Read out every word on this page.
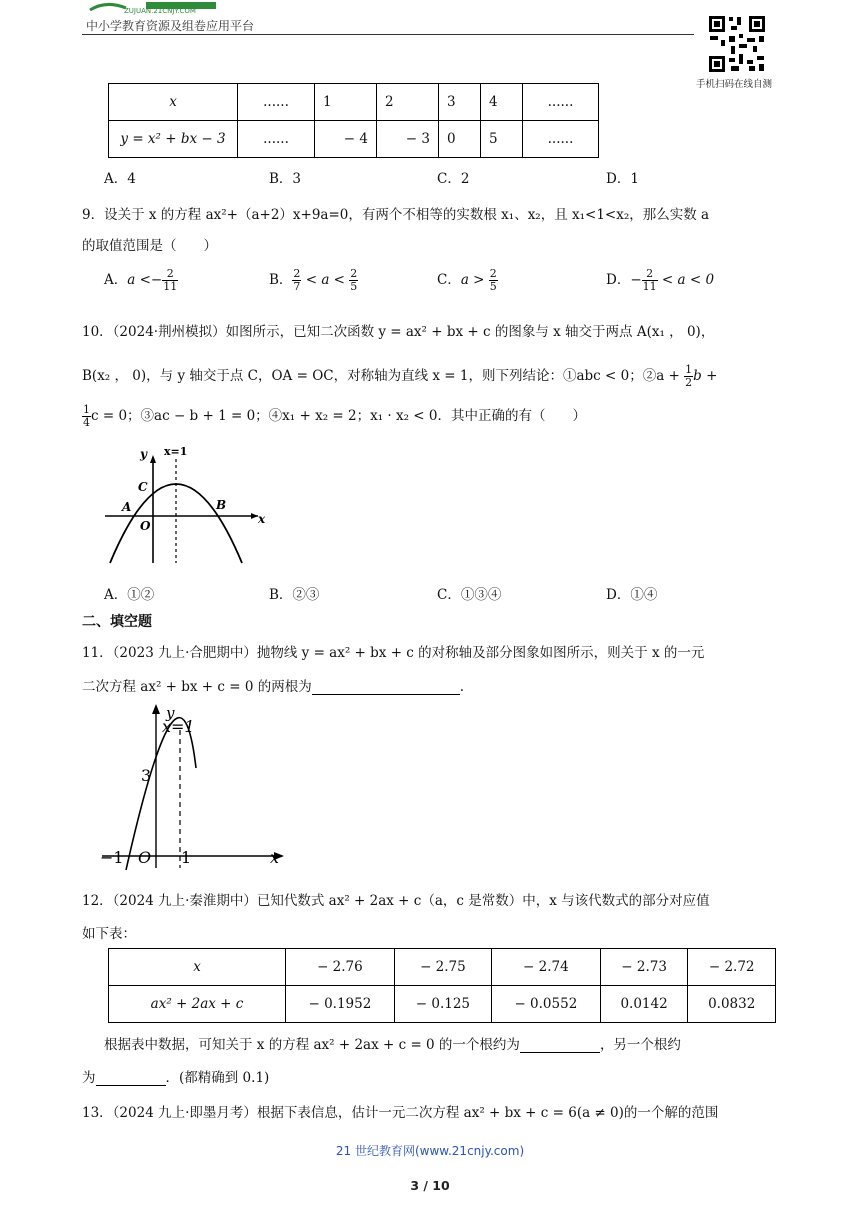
ZUJUAN.21CNJY.COM
中小学教育资源及组卷应用平台
手机扫码在线自测
x	......	1	2	3	4	......
y = x² + bx − 3	......	− 4	− 3	0	5	......
A．4	B．3	C．2	D．1
9．设关于 x 的方程 ax²+（a+2）x+9a=0，有两个不相等的实数根 x₁、x₂，且 x₁<1<x₂，那么实数 a
的取值范围是（　　）
A．$a <- \frac{2}{11}$	B． $\frac{2}{7} < a < \frac{2}{5}$	C．$a > \frac{2}{5}$	D．− $\frac{2}{11} < a < 0$
10．（2024·荆州模拟）如图所示，已知二次函数 y = ax² + bx + c 的图象与 x 轴交于两点 A(x₁ ， 0)，
B(x₂ ， 0)，与 y 轴交于点 C，OA = OC，对称轴为直线 x = 1，则下列结论：①abc < 0；②a + $\frac{1}{2}$ b +
$\frac{1}{4}$ c = 0；③ac − b + 1 = 0；④x₁ + x₂ = 2；x₁ · x₂ < 0．其中正确的有（　　）
y x=1
C
A	B
O	x
A．①②	B．②③	C．①③④	D．①④
二、填空题
11．（2023 九上·合肥期中）抛物线 y = ax² + bx + c 的对称轴及部分图象如图所示，则关于 x 的一元
二次方程 ax² + bx + c = 0 的两根为	.
y
x=1
3
−1 O 1	x
12．（2024 九上·秦淮期中）已知代数式 ax² + 2ax + c（a，c 是常数）中，x 与该代数式的部分对应值
如下表：
x	− 2.76	− 2.75	− 2.74	− 2.73	− 2.72
ax² + 2ax + c	− 0.1952	− 0.125	− 0.0552	0.0142	0.0832
根据表中数据，可知关于 x 的方程 ax² + 2ax + c = 0 的一个根约为	，另一个根约
为	．(都精确到 0.1)
13．（2024 九上·即墨月考）根据下表信息，估计一元二次方程 ax² + bx + c = 6(a ≠ 0)的一个解的范围
21 世纪教育网(www.21cnjy.com)
3 / 10
